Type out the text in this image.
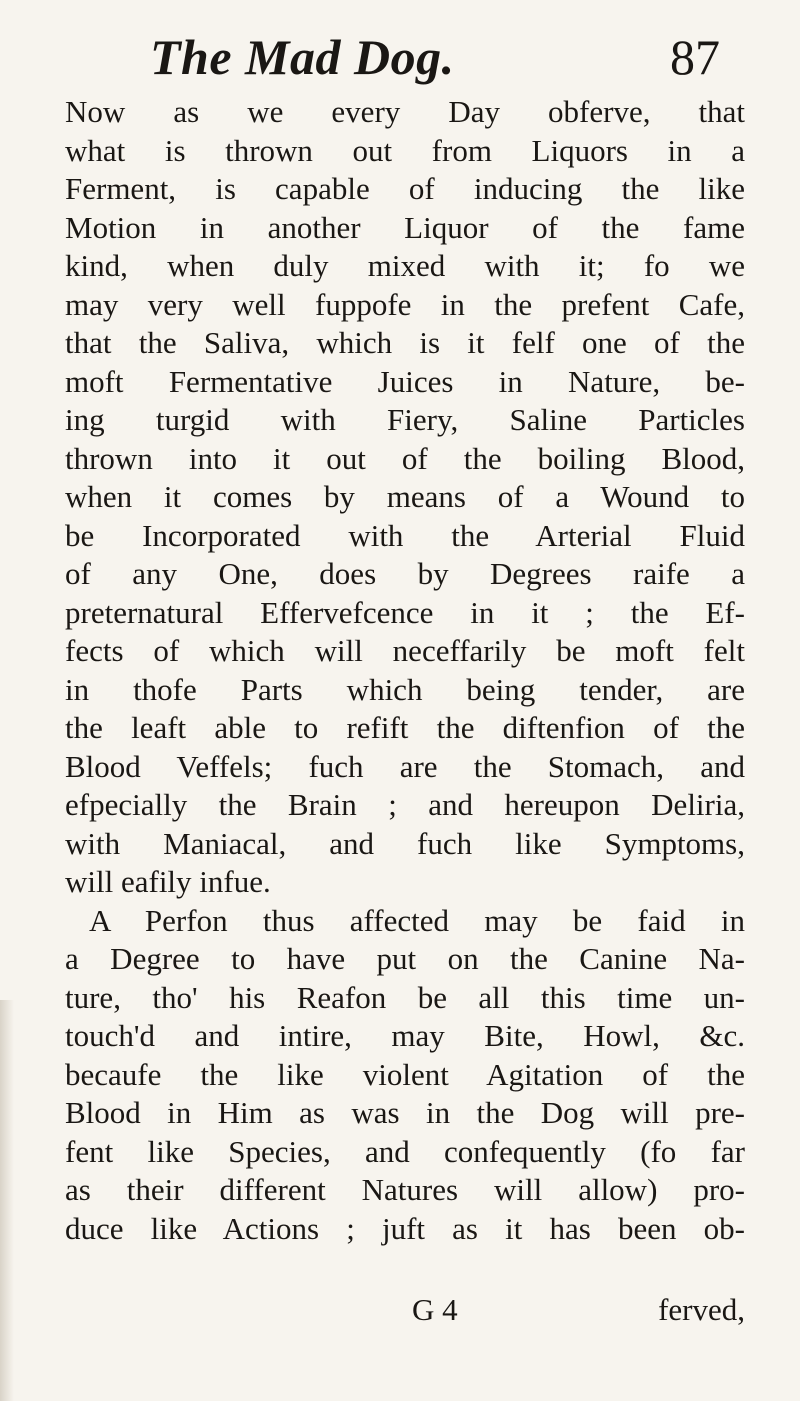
The Mad Dog.	87
Now as we every Day obferve, that
what is thrown out from Liquors in a
Ferment, is capable of inducing the like
Motion in another Liquor of the fame
kind, when duly mixed with it; fo we
may very well fuppofe in the prefent Cafe,
that the Saliva, which is it felf one of the
moft Fermentative Juices in Nature, be-
ing turgid with Fiery, Saline Particles
thrown into it out of the boiling Blood,
when it comes by means of a Wound to
be Incorporated with the Arterial Fluid
of any One, does by Degrees raife a
preternatural Effervefcence in it ; the Ef-
fects of which will neceffarily be moft felt
in thofe Parts which being tender, are
the leaft able to refift the diftenfion of the
Blood Veffels; fuch are the Stomach, and
efpecially the Brain ; and hereupon Deliria,
with Maniacal, and fuch like Symptoms,
will eafily infue.
A Perfon thus affected may be faid in
a Degree to have put on the Canine Na-
ture, tho' his Reafon be all this time un-
touch'd and intire, may Bite, Howl, &c.
becaufe the like violent Agitation of the
Blood in Him as was in the Dog will pre-
fent like Species, and confequently (fo far
as their different Natures will allow) pro-
duce like Actions ; juft as it has been ob-
G 4	ferved,
